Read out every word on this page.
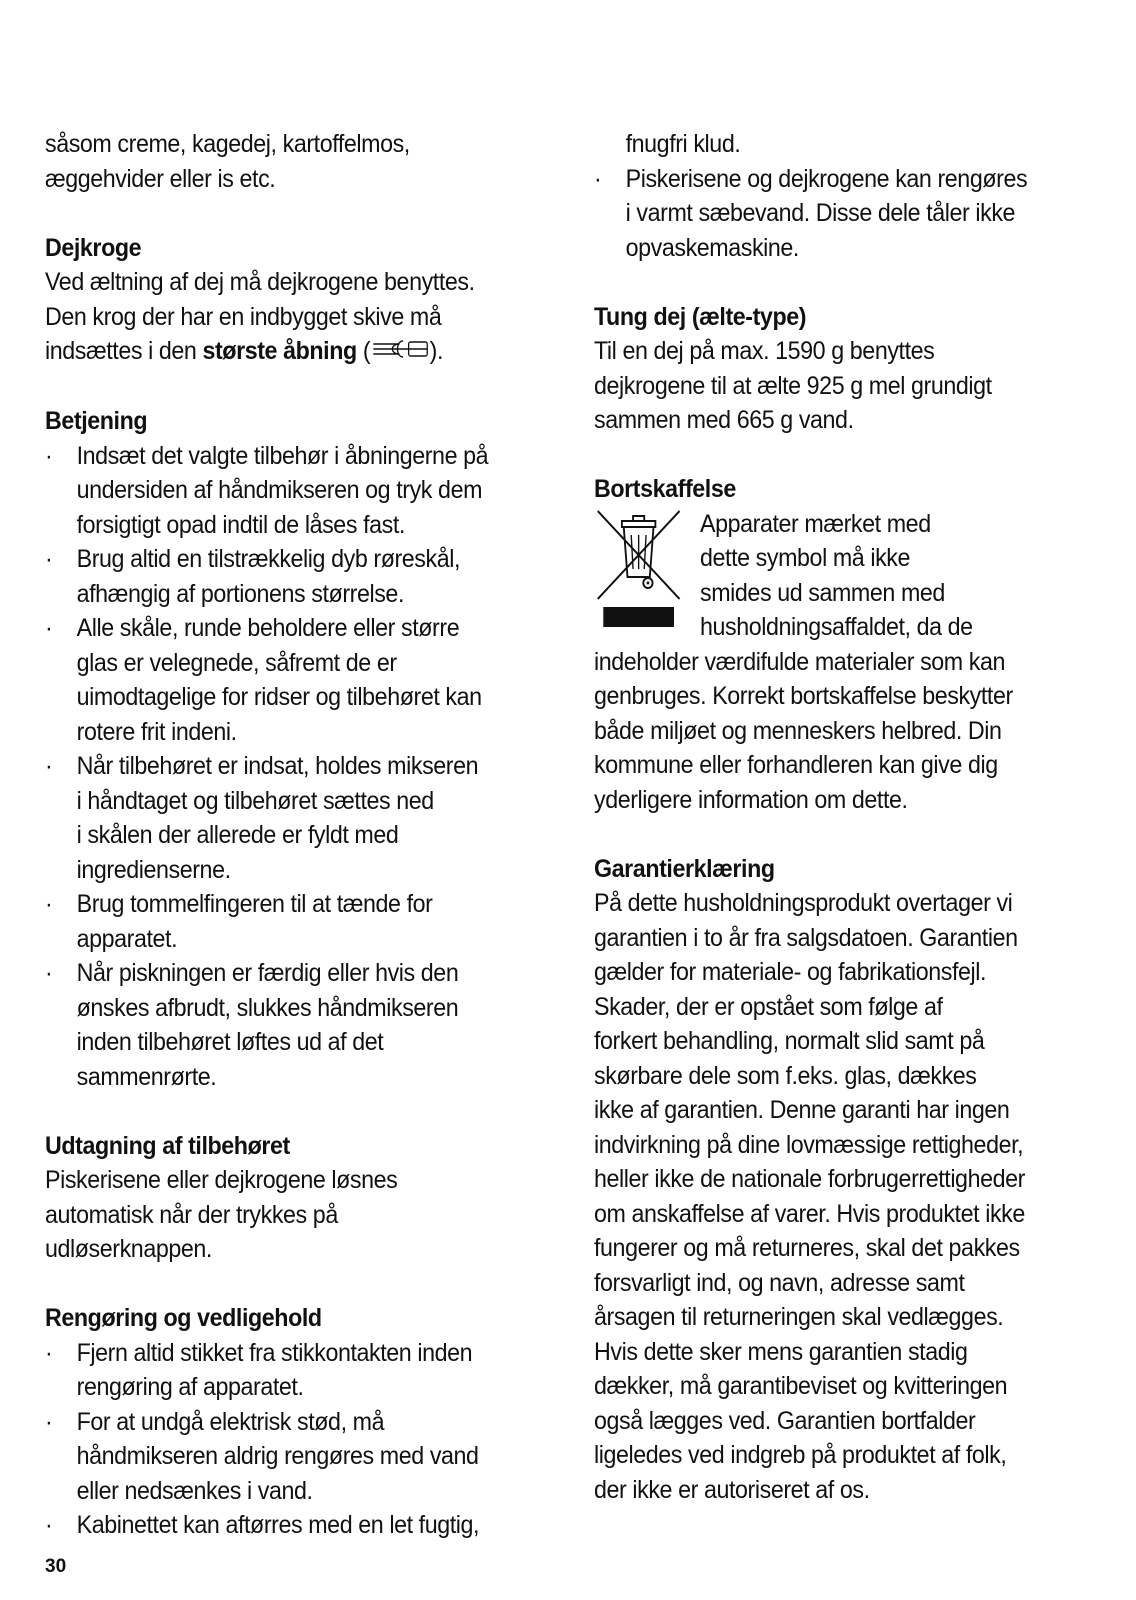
såsom creme, kagedej, kartoffelmos,

æggehvider eller is etc.

Dejkroge

Ved æltning af dej må dejkrogene benyttes.

Den krog der har en indbygget skive må

indsættes i den største åbning ( ).

Betjening
· Indsæt det valgte tilbehør i åbningerne på
undersiden af håndmikseren og tryk dem
forsigtigt opad indtil de låses fast.
· Brug altid en tilstrækkelig dyb røreskål,
afhængig af portionens størrelse.
· Alle skåle, runde beholdere eller større
glas er velegnede, såfremt de er
uimodtagelige for ridser og tilbehøret kan
rotere frit indeni.
· Når tilbehøret er indsat, holdes mikseren
i håndtaget og tilbehøret sættes ned
i skålen der allerede er fyldt med
ingredienserne.
· Brug tommelfingeren til at tænde for
apparatet.
· Når piskningen er færdig eller hvis den
ønskes afbrudt, slukkes håndmikseren
inden tilbehøret løftes ud af det
sammenrørte.
Udtagning af tilbehøret

Piskerisene eller dejkrogene løsnes

automatisk når der trykkes på

udløserknappen.

Rengøring og vedligehold
· Fjern altid stikket fra stikkontakten inden
rengøring af apparatet.
· For at undgå elektrisk stød, må
håndmikseren aldrig rengøres med vand
eller nedsænkes i vand.
· Kabinettet kan aftørres med en let fugtig,
fnugfri klud.
· Piskerisene og dejkrogene kan rengøres
i varmt sæbevand. Disse dele tåler ikke
opvaskemaskine.
Tung dej (ælte-type)

Til en dej på max. 1590 g benyttes

dejkrogene til at ælte 925 g mel grundigt

sammen med 665 g vand.

Bortskaffelse

Apparater mærket med

dette symbol må ikke

smides ud sammen med

husholdningsaffaldet, da de

indeholder værdifulde materialer som kan

genbruges. Korrekt bortskaffelse beskytter

både miljøet og menneskers helbred. Din

kommune eller forhandleren kan give dig

yderligere information om dette.

Garantierklæring

På dette husholdningsprodukt overtager vi

garantien i to år fra salgsdatoen. Garantien

gælder for materiale- og fabrikationsfejl.

Skader, der er opstået som følge af

forkert behandling, normalt slid samt på

skørbare dele som f.eks. glas, dækkes

ikke af garantien. Denne garanti har ingen

indvirkning på dine lovmæssige rettigheder,

heller ikke de nationale forbrugerrettigheder

om anskaffelse af varer. Hvis produktet ikke

fungerer og må returneres, skal det pakkes

forsvarligt ind, og navn, adresse samt

årsagen til returneringen skal vedlægges.

Hvis dette sker mens garantien stadig

dækker, må garantibeviset og kvitteringen

også lægges ved. Garantien bortfalder

ligeledes ved indgreb på produktet af folk,

der ikke er autoriseret af os.

30
